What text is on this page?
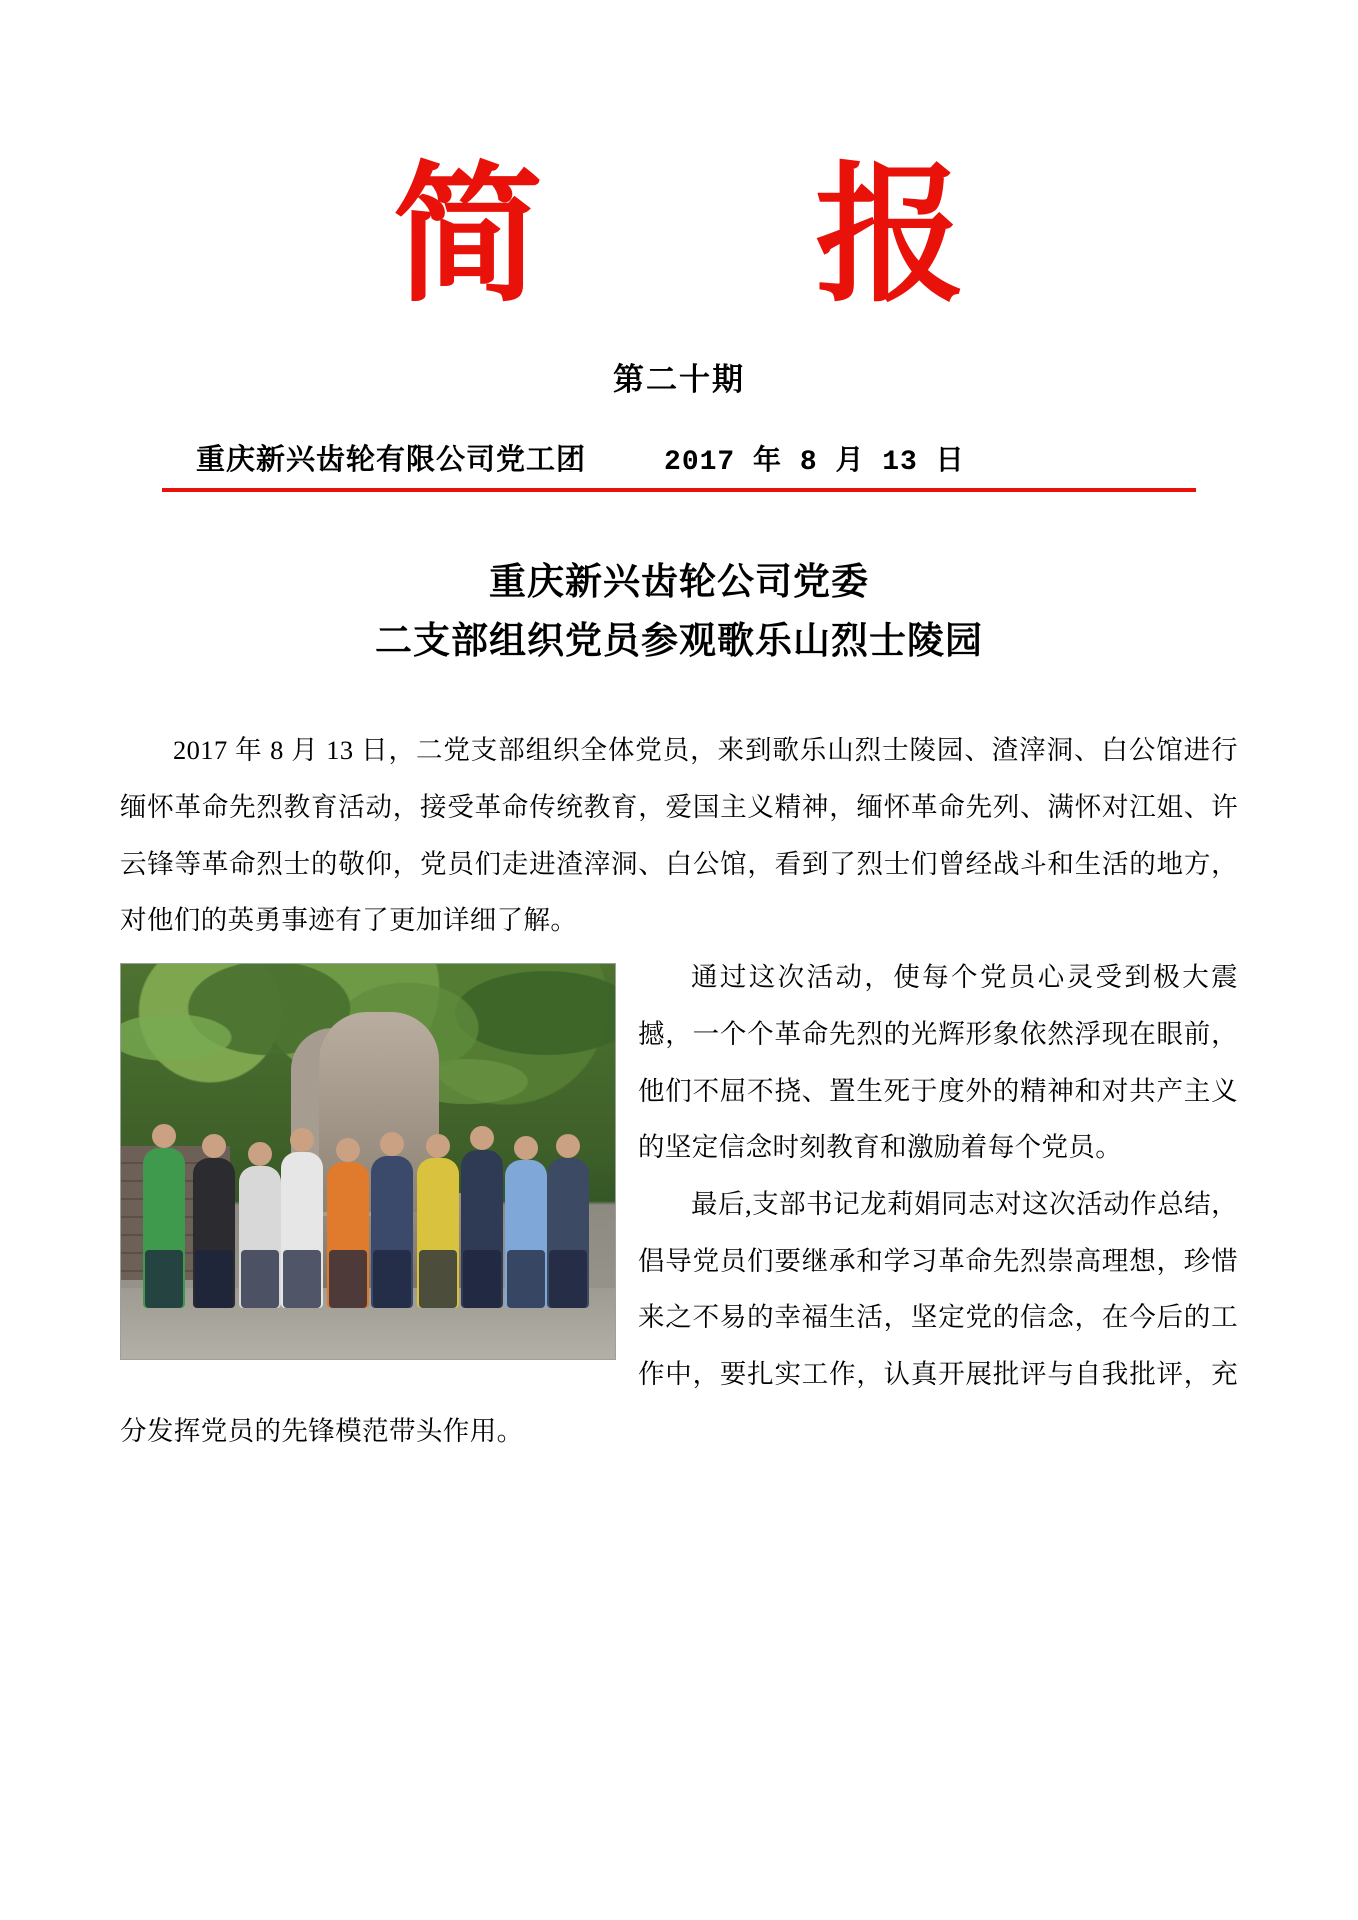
简 报
第二十期
重庆新兴齿轮有限公司党工团	2017 年 8 月 13 日
重庆新兴齿轮公司党委
二支部组织党员参观歌乐山烈士陵园

2017 年 8 月 13 日，二党支部组织全体党员，来到歌乐山烈士陵园、渣滓洞、白公馆进行缅怀革命先烈教育活动，接受革命传统教育，爱国主义精神，缅怀革命先列、满怀对江姐、许云锋等革命烈士的敬仰，党员们走进渣滓洞、白公馆，看到了烈士们曾经战斗和生活的地方，对他们的英勇事迹有了更加详细了解。

通过这次活动，使每个党员心灵受到极大震撼，一个个革命先烈的光辉形象依然浮现在眼前，他们不屈不挠、置生死于度外的精神和对共产主义的坚定信念时刻教育和激励着每个党员。

最后,支部书记龙莉娟同志对这次活动作总结，倡导党员们要继承和学习革命先烈崇高理想，珍惜来之不易的幸福生活，坚定党的信念，在今后的工作中，要扎实工作，认真开展批评与自我批评，充分发挥党员的先锋模范带头作用。
